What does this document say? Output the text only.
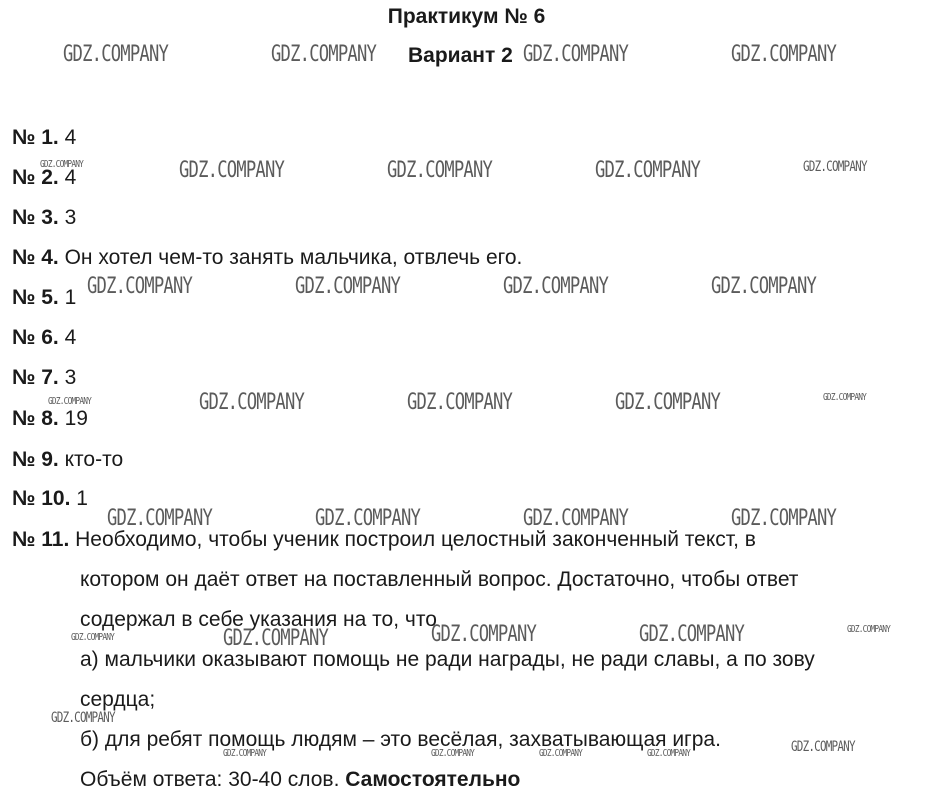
Практикум № 6
Вариант 2
№ 1. 4
№ 2. 4
№ 3. 3
№ 4. Он хотел чем-то занять мальчика, отвлечь его.
№ 5. 1
№ 6. 4
№ 7. 3
№ 8. 19
№ 9. кто-то
№ 10. 1
№ 11. Необходимо, чтобы ученик построил целостный законченный текст, в
котором он даёт ответ на поставленный вопрос. Достаточно, чтобы ответ
содержал в себе указания на то, что
а) мальчики оказывают помощь не ради награды, не ради славы, а по зову
сердца;
б) для ребят помощь людям – это весёлая, захватывающая игра.
Объём ответа: 30-40 слов. Самостоятельно
GDZ.COMPANY	GDZ.COMPANY	GDZ.COMPANY	GDZ.COMPANY
GDZ.COMPANY	GDZ.COMPANY	GDZ.COMPANY	GDZ.COMPANY	GDZ.COMPANY
GDZ.COMPANY	GDZ.COMPANY	GDZ.COMPANY	GDZ.COMPANY
GDZ.COMPANY	GDZ.COMPANY	GDZ.COMPANY	GDZ.COMPANY	GDZ.COMPANY
GDZ.COMPANY	GDZ.COMPANY	GDZ.COMPANY	GDZ.COMPANY
GDZ.COMPANY	GDZ.COMPANY	GDZ.COMPANY	GDZ.COMPANY	GDZ.COMPANY
GDZ.COMPANY
GDZ.COMPANY	GDZ.COMPANY	GDZ.COMPANY	GDZ.COMPANY	GDZ.COMPANY
